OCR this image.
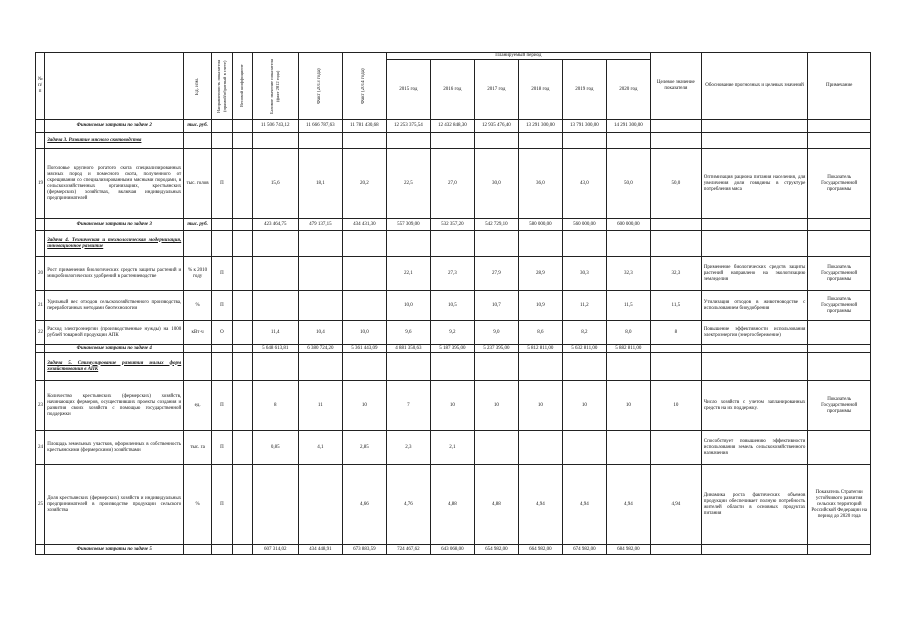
№ п/п		Ед. изм.	Направленность показателя (прямой/обратный в счете)	Весовой коэффициент	Базовое значение показателя (факт 2012 года)	Факт (2013 года)	Факт (2014 года)	Планируемый период						Целевое значение показателя	Обоснование прогнозных и целевых значений	Примечание
								2015 год	2016 год	2017 год	2018 год	2019 год	2020 год			
	Финансовые затраты по задаче 2	тыс. руб.			11 506 743,12	11 666 787,63	11 781 430,68	12 253 375,54	12 432 848,30	12 935 476,40	13 291 300,00	13 791 300,00	14 291 300,00			
	Задача 3. Развитие мясного скотоводства															
19	Поголовье крупного рогатого скота специализированных мясных пород и помесного скота, полученного от скрещивания со специализированными мясными породами, в сельскохозяйственных организациях, крестьянских (фермерских) хозяйствах, включая индивидуальных предпринимателей	тыс. голов	П		15,6	18,1	20,2	22,5	27,0	30,0	36,0	43,0	50,0	50,0	Оптимизация рациона питания населения, для увеличения доли говядины в структуре потребления мяса	Показатель Государственной программы
	Финансовые затраты по задаче 3	тыс. руб.			423 464,75	479 137,15	434 431,30	557 309,00	532 357,20	542 729,10	580 000,00	560 000,00	600 000,00			
	Задача 4. Техническая и технологическая модернизация, инновационное развитие															
20	Рост применения биологических средств защиты растений и микробиологических удобрений в растениеводстве	% к 2010 году	П					22,1	27,3	27,9	28,9	30,3	32,3	32,3	Применение биологических средств защиты растений направлено на экологизацию земледелия	Показатель Государственной программы
21	Удельный вес отходов сельскохозяйственного производства, переработанных методами биотехнологии	%	П					10,0	10,5	10,7	10,9	11,2	11,5	11,5	Утилизация отходов в животноводстве с использованием биоудобрения	Показатель Государственной программы
22	Расход электроэнергии (производственные нужды) на 1000 рублей товарной продукции АПК	кВт·ч	О		11,4	10,4	10,0	9,6	9,2	9,0	8,6	8,2	8,0	8	Повышение эффективности использования электроэнергии (энергосбережение)	
	Финансовые затраты по задаче 4				5 648 613,81	6 380 724,20	5 361 443,09	4 881 350,63	5 187 395,00	5 237 395,00	5 812 811,00	5 632 811,00	5 882 811,00			
	Задача 5. Стимулирование развития малых форм хозяйствования в АПК															
23	Количество крестьянских (фермерских) хозяйств, начинающих фермеров, осуществивших проекты создания и развития своих хозяйств с помощью государственной поддержки	ед.	П		8	11	10	7	10	10	10	10	10	10	Число хозяйств с учетом запланированных средств на их поддержку.	Показатель Государственной программы
24	Площадь земельных участков, оформленных в собственность крестьянскими (фермерскими) хозяйствами	тыс. га	П		0,85	4,1	2,85	2,3	2,1						Способствует повышению эффективности использования земель сельскохозяйственного назначения	
25	Доля крестьянских (фермерских) хозяйств и индивидуальных предпринимателей в производстве продукции сельского хозяйства	%	П				4,66	4,76	4,88	4,88	4,94	4,94	4,94	4,94	Динамика роста фактических объемов продукции обеспечивает полную потребность жителей области в основных продуктах питания	Показатель Стратегии устойчивого развития сельских территорий Российской Федерации на период до 2020 года
	Финансовые затраты по задаче 5				607 314,02	434 448,91	673 883,59	724 467,62	643 068,00	654 982,00	664 982,00	674 982,00	684 982,00			
